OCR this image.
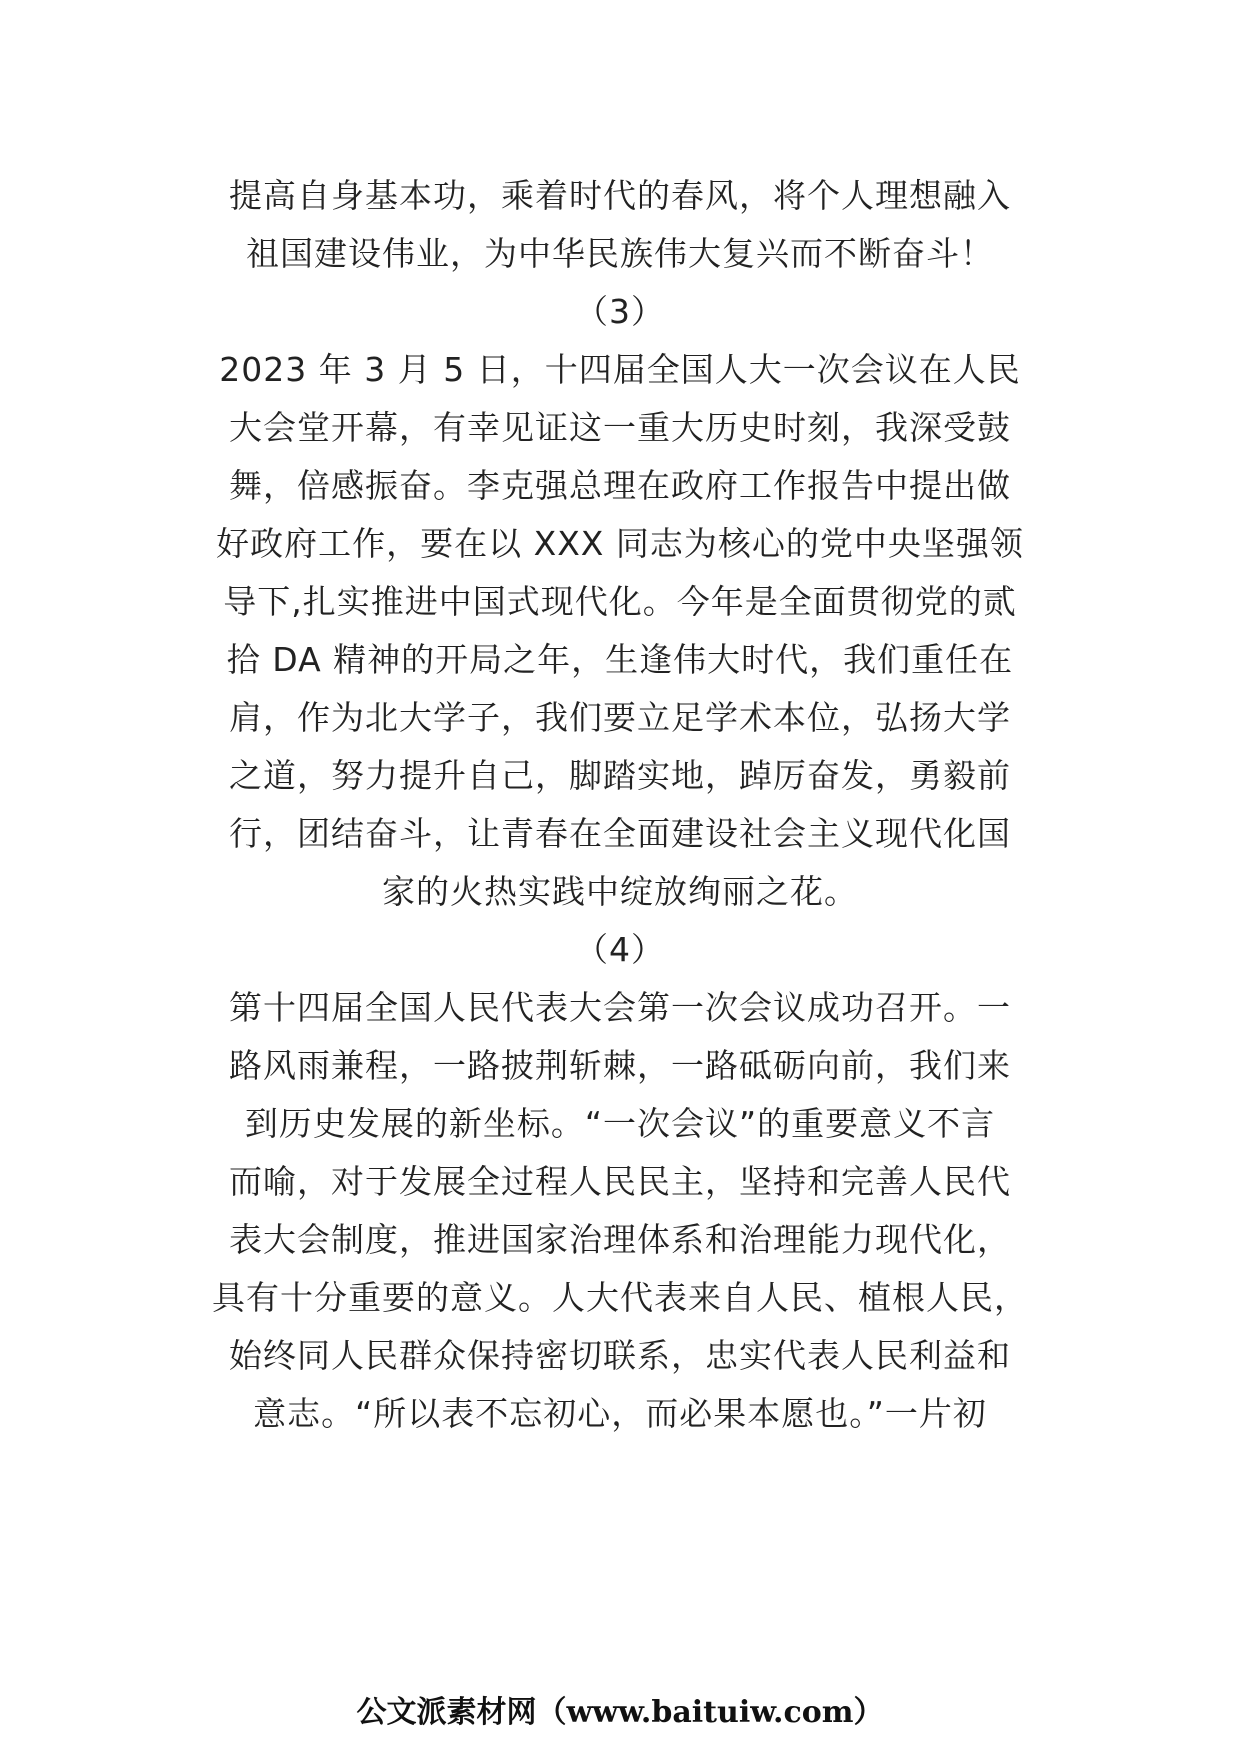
提高自身基本功，乘着时代的春风，将个人理想融入
祖国建设伟业，为中华民族伟大复兴而不断奋斗！
（3）
2023 年 3 月 5 日，十四届全国人大一次会议在人民
大会堂开幕，有幸见证这一重大历史时刻，我深受鼓
舞，倍感振奋。李克强总理在政府工作报告中提出做
好政府工作，要在以 XXX 同志为核心的党中央坚强领
导下,扎实推进中国式现代化。今年是全面贯彻党的贰
拾 DA 精神的开局之年，生逢伟大时代，我们重任在
肩，作为北大学子，我们要立足学术本位，弘扬大学
之道，努力提升自己，脚踏实地，踔厉奋发，勇毅前
行，团结奋斗，让青春在全面建设社会主义现代化国
家的火热实践中绽放绚丽之花。
（4）
第十四届全国人民代表大会第一次会议成功召开。一
路风雨兼程，一路披荆斩棘，一路砥砺向前，我们来
到历史发展的新坐标。“一次会议”的重要意义不言
而喻，对于发展全过程人民民主，坚持和完善人民代
表大会制度，推进国家治理体系和治理能力现代化，
具有十分重要的意义。人大代表来自人民、植根人民，
始终同人民群众保持密切联系，忠实代表人民利益和
意志。“所以表不忘初心，而必果本愿也。”一片初
公文派素材网（www.baituiw.com）
